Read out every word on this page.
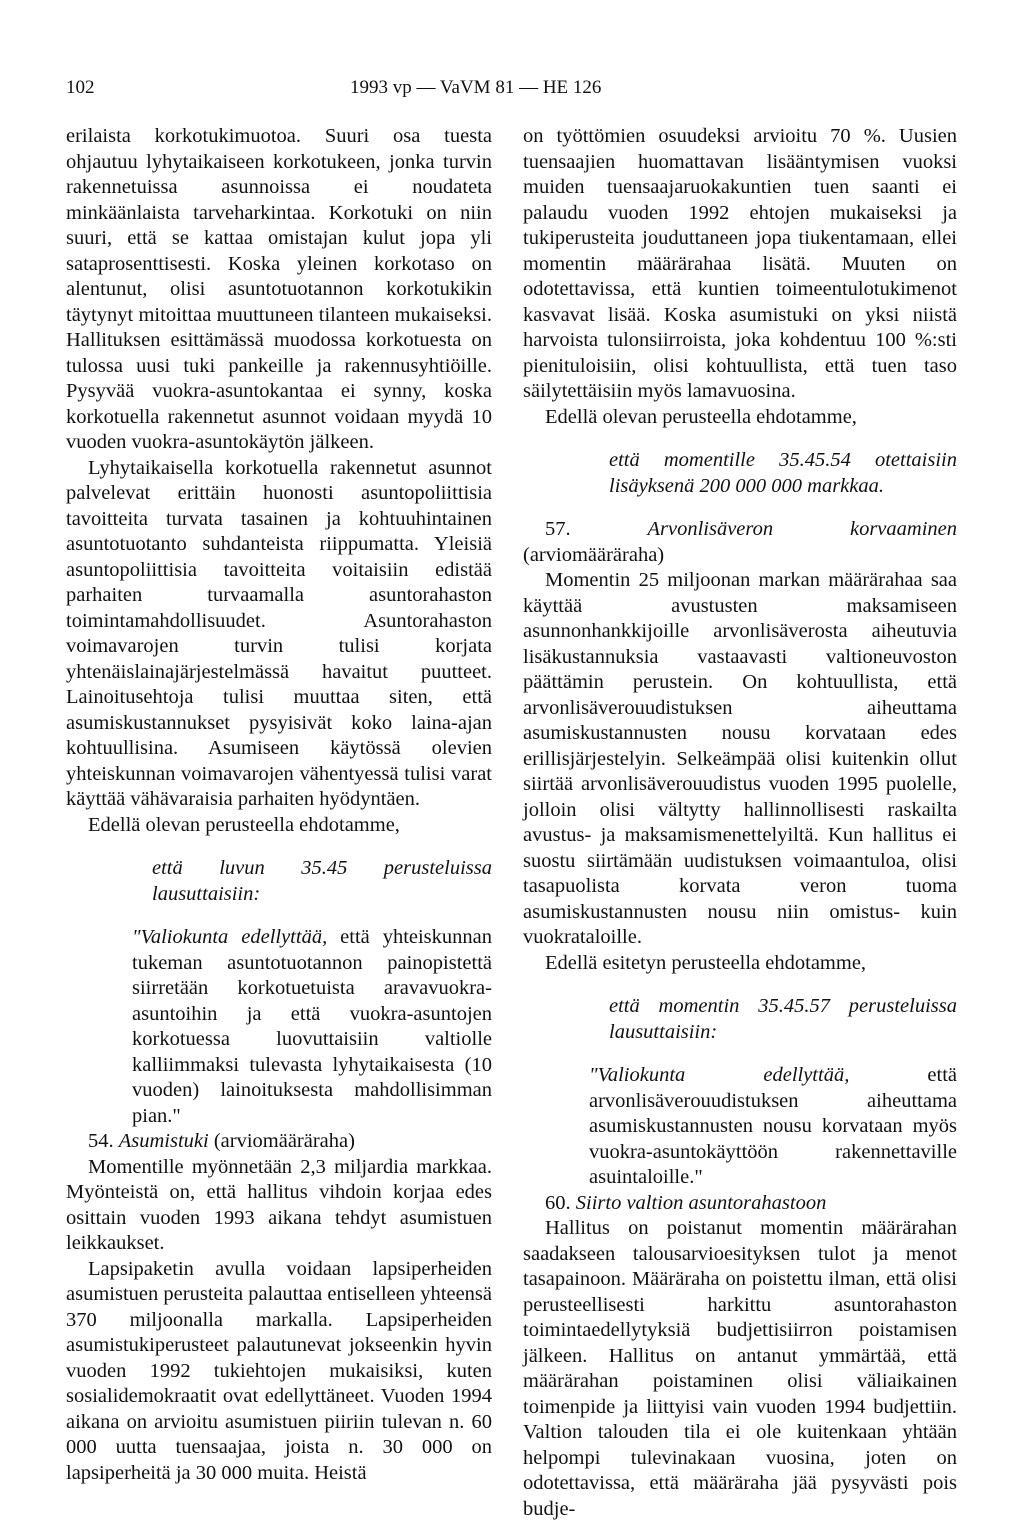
102	1993 vp — VaVM 81 — HE 126

erilaista korkotukimuotoa. Suuri osa tuesta ohjautuu lyhytaikaiseen korkotukeen, jonka turvin rakennetuissa asunnoissa ei noudateta minkäänlaista tarveharkintaa. Korkotuki on niin suuri, että se kattaa omistajan kulut jopa yli sataprosenttisesti. Koska yleinen korkotaso on alentunut, olisi asuntotuotannon korkotukikin täytynyt mitoittaa muuttuneen tilanteen mukaiseksi. Hallituksen esittämässä muodossa korkotuesta on tulossa uusi tuki pankeille ja rakennusyhtiöille. Pysyvää vuokra-asuntokantaa ei synny, koska korkotuella rakennetut asunnot voidaan myydä 10 vuoden vuokra-asuntokäytön jälkeen.

Lyhytaikaisella korkotuella rakennetut asunnot palvelevat erittäin huonosti asuntopoliittisia tavoitteita turvata tasainen ja kohtuuhintainen asuntotuotanto suhdanteista riippumatta. Yleisiä asuntopoliittisia tavoitteita voitaisiin edistää parhaiten turvaamalla asuntorahaston toimintamahdollisuudet. Asuntorahaston voimavarojen turvin tulisi korjata yhtenäislainajärjestelmässä havaitut puutteet. Lainoitusehtoja tulisi muuttaa siten, että asumiskustannukset pysyisivät koko laina-ajan kohtuullisina. Asumiseen käytössä olevien yhteiskunnan voimavarojen vähentyessä tulisi varat käyttää vähävaraisia parhaiten hyödyntäen.

Edellä olevan perusteella ehdotamme,

että luvun 35.45 perusteluissa lausuttaisiin:

"Valiokunta edellyttää, että yhteiskunnan tukeman asuntotuotannon painopistettä siirretään korkotuetuista aravavuokra-asuntoihin ja että vuokra-asuntojen korkotuessa luovuttaisiin valtiolle kalliimmaksi tulevasta lyhytaikaisesta (10 vuoden) lainoituksesta mahdollisimman pian."

54. Asumistuki (arviomääräraha)

Momentille myönnetään 2,3 miljardia markkaa. Myönteistä on, että hallitus vihdoin korjaa edes osittain vuoden 1993 aikana tehdyt asumistuen leikkaukset.

Lapsipaketin avulla voidaan lapsiperheiden asumistuen perusteita palauttaa entiselleen yhteensä 370 miljoonalla markalla. Lapsiperheiden asumistukiperusteet palautunevat jokseenkin hyvin vuoden 1992 tukiehtojen mukaisiksi, kuten sosialidemokraatit ovat edellyttäneet. Vuoden 1994 aikana on arvioitu asumistuen piiriin tulevan n. 60 000 uutta tuensaajaa, joista n. 30 000 on lapsiperheitä ja 30 000 muita. Heistä

on työttömien osuudeksi arvioitu 70 %. Uusien tuensaajien huomattavan lisääntymisen vuoksi muiden tuensaajaruokakuntien tuen saanti ei palaudu vuoden 1992 ehtojen mukaiseksi ja tukiperusteita jouduttaneen jopa tiukentamaan, ellei momentin määrärahaa lisätä. Muuten on odotettavissa, että kuntien toimeentulotukimenot kasvavat lisää. Koska asumistuki on yksi niistä harvoista tulonsiirroista, joka kohdentuu 100 %:sti pienituloisiin, olisi kohtuullista, että tuen taso säilytettäisiin myös lamavuosina.

Edellä olevan perusteella ehdotamme,

että momentille 35.45.54 otettaisiin lisäyksenä 200 000 000 markkaa.

57.	Arvonlisäveron korvaaminen (arviomääräraha)

Momentin 25 miljoonan markan määrärahaa saa käyttää avustusten maksamiseen asunnonhankkijoille arvonlisäverosta aiheutuvia lisäkustannuksia vastaavasti valtioneuvoston päättämin perustein. On kohtuullista, että arvonlisäverouudistuksen aiheuttama asumiskustannusten nousu korvataan edes erillisjärjestelyin. Selkeämpää olisi kuitenkin ollut siirtää arvonlisäverouudistus vuoden 1995 puolelle, jolloin olisi vältytty hallinnollisesti raskailta avustus- ja maksamismenettelyiltä. Kun hallitus ei suostu siirtämään uudistuksen voimaantuloa, olisi tasapuolista korvata veron tuoma asumiskustannusten nousu niin omistus- kuin vuokrataloille.

Edellä esitetyn perusteella ehdotamme,

että momentin 35.45.57 perusteluissa lausuttaisiin:

"Valiokunta edellyttää, että arvonlisäverouudistuksen aiheuttama asumiskustannusten nousu korvataan myös vuokra-asuntokäyttöön rakennettaville asuintaloille."

60. Siirto valtion asuntorahastoon

Hallitus on poistanut momentin määrärahan saadakseen talousarvioesityksen tulot ja menot tasapainoon. Määräraha on poistettu ilman, että olisi perusteellisesti harkittu asuntorahaston toimintaedellytyksiä budjettisiirron poistamisen jälkeen. Hallitus on antanut ymmärtää, että määrärahan poistaminen olisi väliaikainen toimenpide ja liittyisi vain vuoden 1994 budjettiin. Valtion talouden tila ei ole kuitenkaan yhtään helpompi tulevinakaan vuosina, joten on odotettavissa, että määräraha jää pysyvästi pois budje-
